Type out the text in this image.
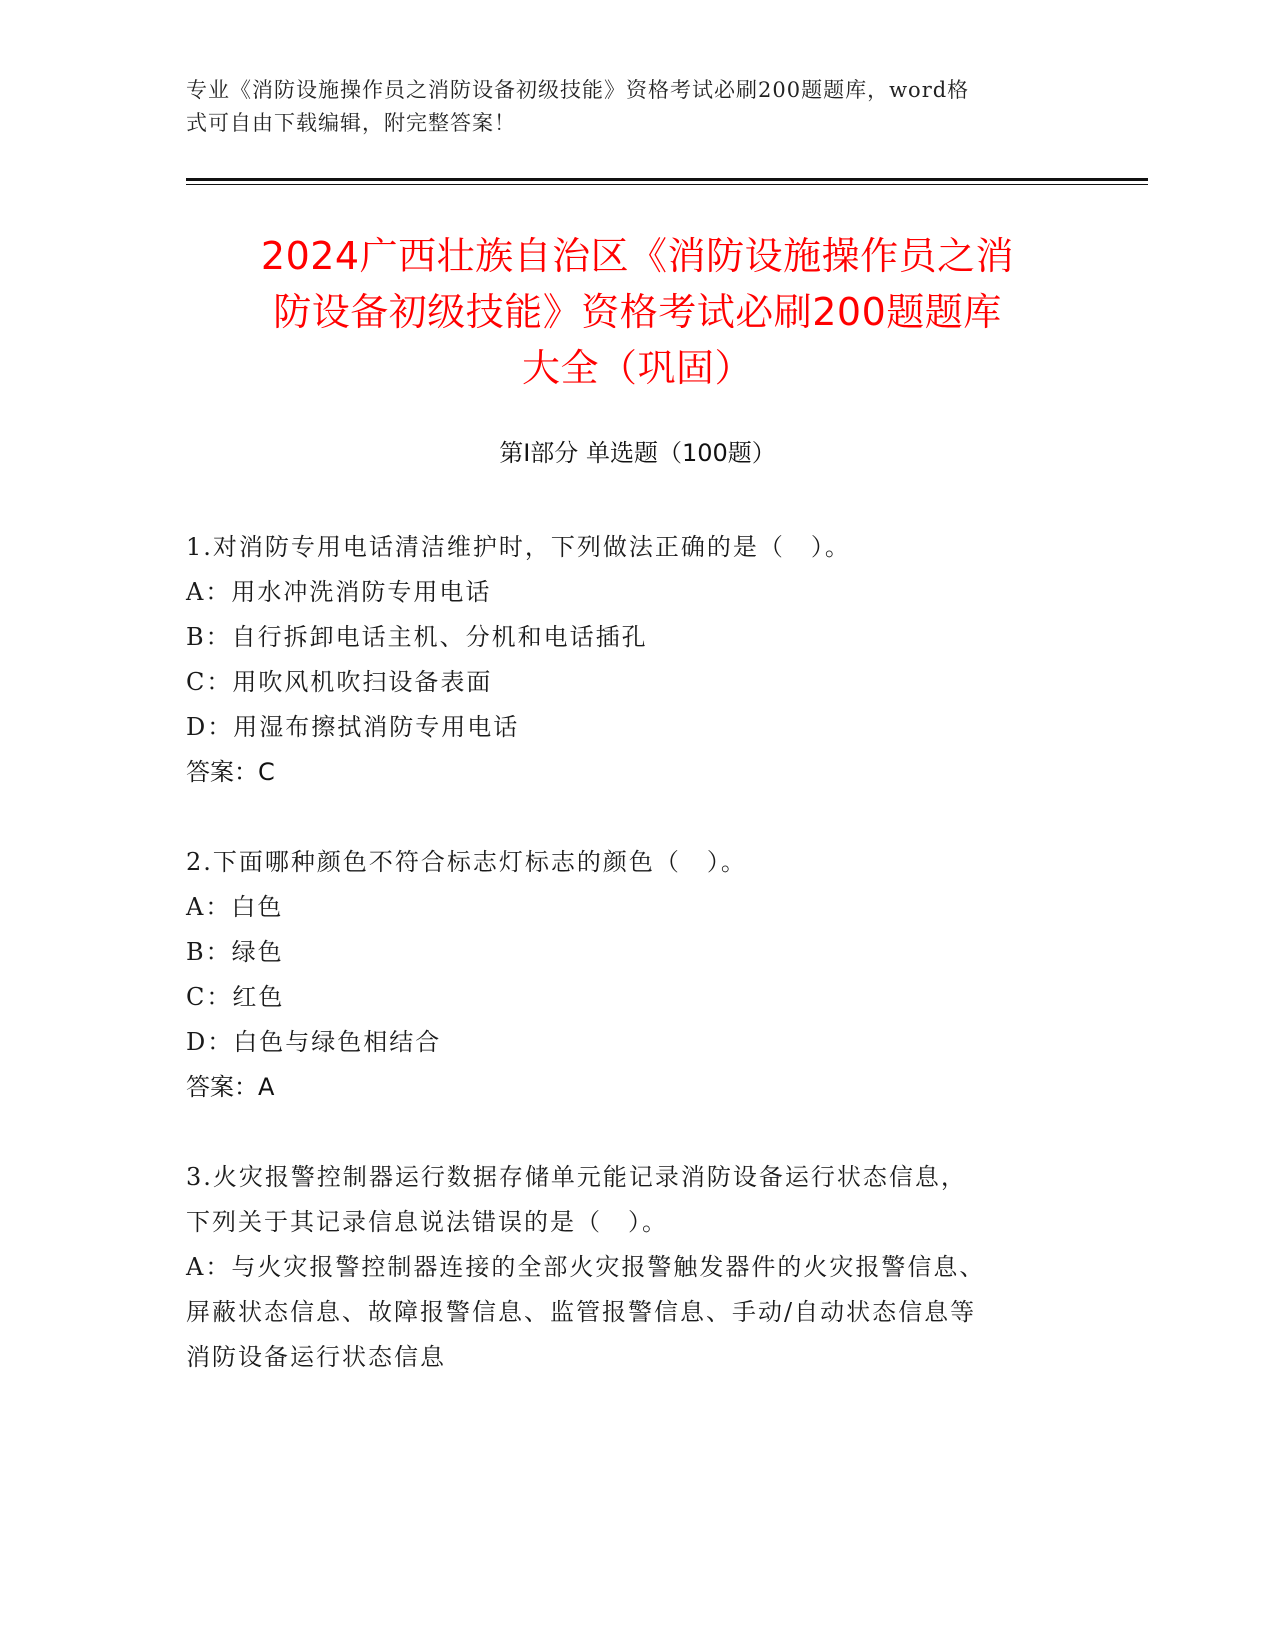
专业《消防设施操作员之消防设备初级技能》资格考试必刷200题题库，word格
式可自由下载编辑，附完整答案！
2024广西壮族自治区《消防设施操作员之消
防设备初级技能》资格考试必刷200题题库
大全（巩固）
第Ⅰ部分 单选题（100题）
1.对消防专用电话清洁维护时，下列做法正确的是（　）。
A：用水冲洗消防专用电话
B：自行拆卸电话主机、分机和电话插孔
C：用吹风机吹扫设备表面
D：用湿布擦拭消防专用电话
答案：C
2.下面哪种颜色不符合标志灯标志的颜色（　）。
A：白色
B：绿色
C：红色
D：白色与绿色相结合
答案：A
3.火灾报警控制器运行数据存储单元能记录消防设备运行状态信息，
下列关于其记录信息说法错误的是（　）。
A：与火灾报警控制器连接的全部火灾报警触发器件的火灾报警信息、
屏蔽状态信息、故障报警信息、监管报警信息、手动/自动状态信息等
消防设备运行状态信息
